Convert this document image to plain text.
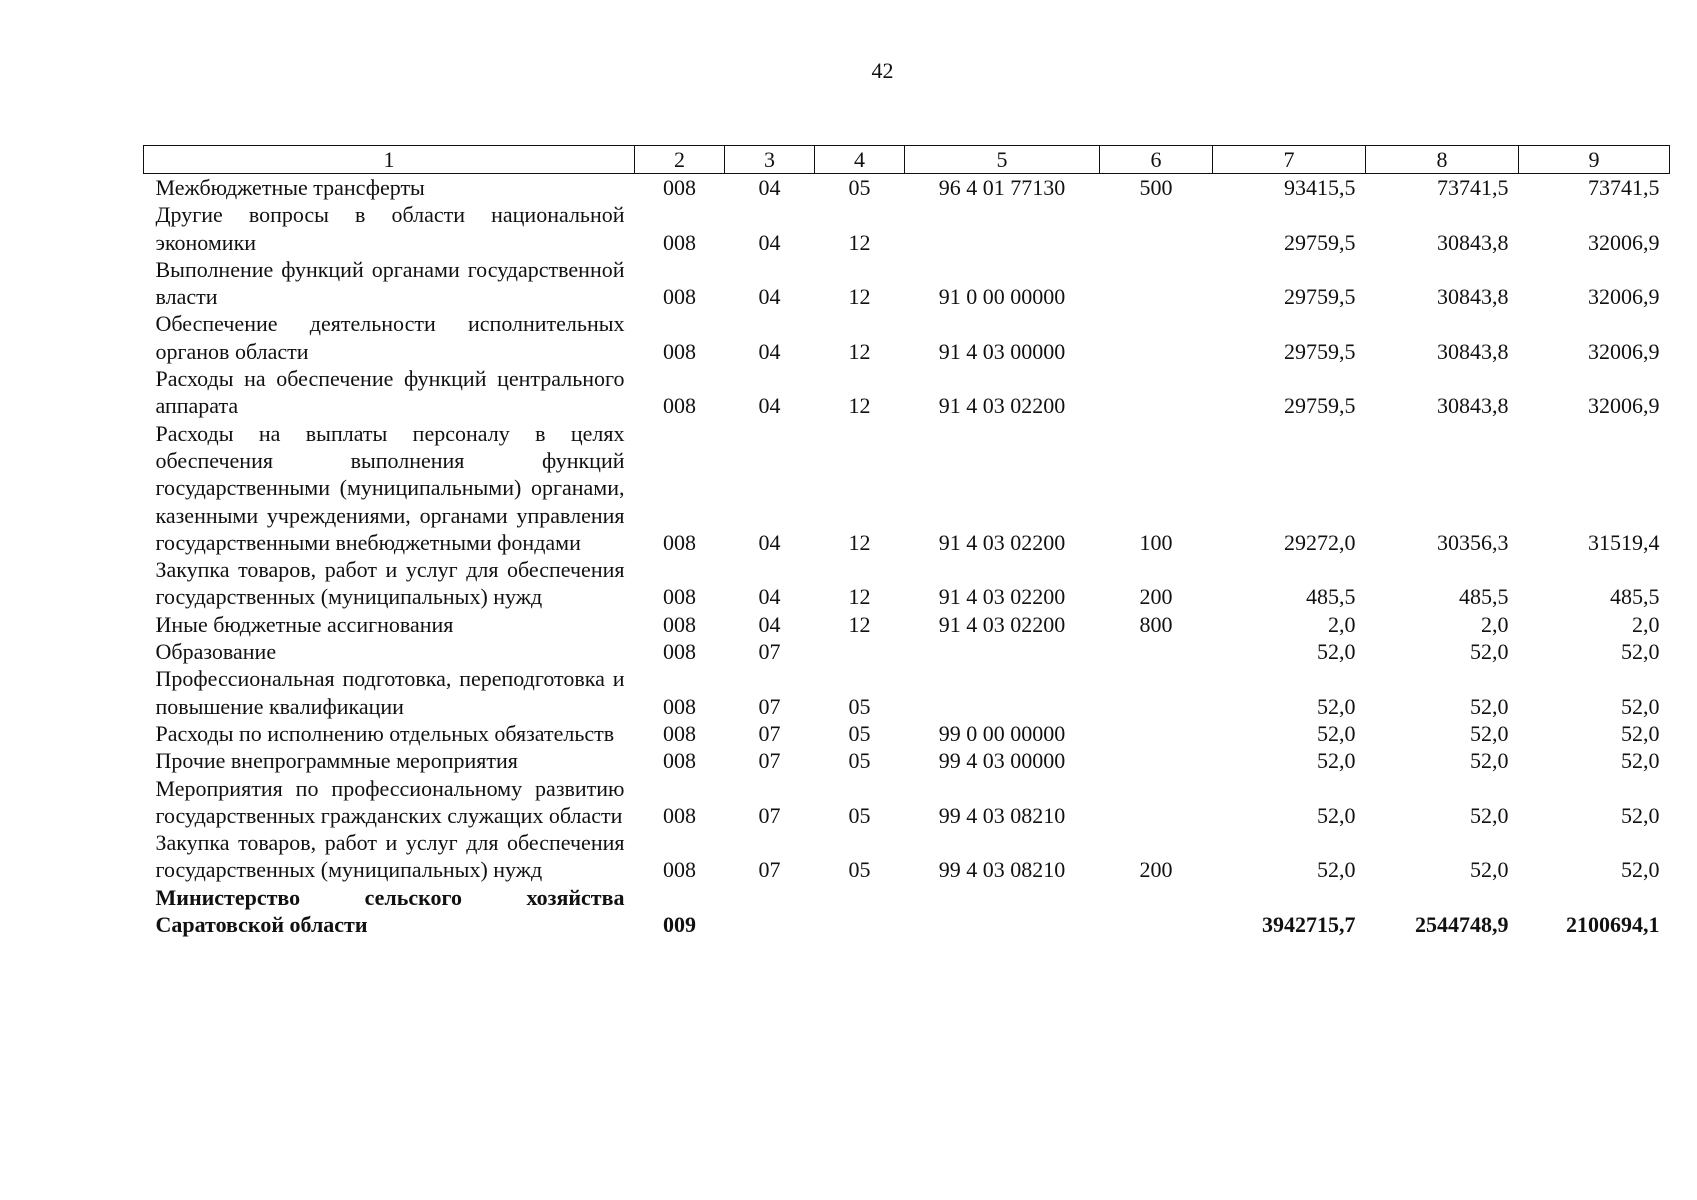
42
1	2	3	4	5	6	7	8	9

Межбюджетные трансферты	008	04	05	96 4 01 77130	500	93415,5	73741,5	73741,5

Другие вопросы в области национальной экономики	008	04	12			29759,5	30843,8	32006,9

Выполнение функций органами государственной власти	008	04	12	91 0 00 00000		29759,5	30843,8	32006,9

Обеспечение деятельности исполнительных органов области	008	04	12	91 4 03 00000		29759,5	30843,8	32006,9

Расходы на обеспечение функций центрального аппарата	008	04	12	91 4 03 02200		29759,5	30843,8	32006,9

Расходы на выплаты персоналу в целях обеспечения выполнения функций государственными (муниципальными) органами, казенными учреждениями, органами управления государственными внебюджетными фондами	008	04	12	91 4 03 02200	100	29272,0	30356,3	31519,4

Закупка товаров, работ и услуг для обеспечения государственных (муниципальных) нужд	008	04	12	91 4 03 02200	200	485,5	485,5	485,5

Иные бюджетные ассигнования	008	04	12	91 4 03 02200	800	2,0	2,0	2,0

Образование	008	07				52,0	52,0	52,0

Профессиональная подготовка, переподготовка и повышение квалификации	008	07	05			52,0	52,0	52,0

Расходы по исполнению отдельных обязательств	008	07	05	99 0 00 00000		52,0	52,0	52,0

Прочие внепрограммные мероприятия	008	07	05	99 4 03 00000		52,0	52,0	52,0

Мероприятия по профессиональному развитию государственных гражданских служащих области	008	07	05	99 4 03 08210		52,0	52,0	52,0

Закупка товаров, работ и услуг для обеспечения государственных (муниципальных) нужд	008	07	05	99 4 03 08210	200	52,0	52,0	52,0

Министерство сельского хозяйства Саратовской области	009					3942715,7	2544748,9	2100694,1
